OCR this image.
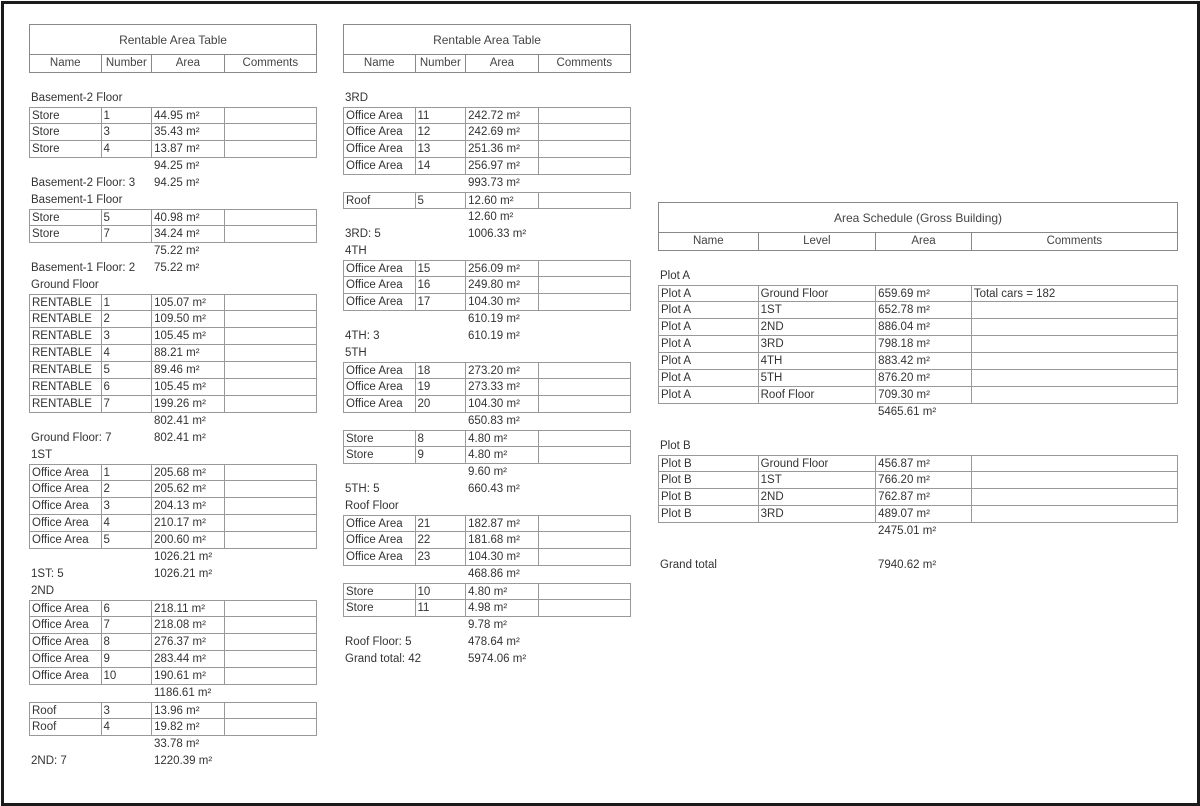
Rentable Area Table
Name	Number	Area	Comments
Basement-2 Floor
Store	1	44.95 m²
Store	3	35.43 m²
Store	4	13.87 m²
94.25 m²
Basement-2 Floor: 3	94.25 m²
Basement-1 Floor
Store	5	40.98 m²
Store	7	34.24 m²
75.22 m²
Basement-1 Floor: 2	75.22 m²
Ground Floor
RENTABLE	1	105.07 m²
RENTABLE	2	109.50 m²
RENTABLE	3	105.45 m²
RENTABLE	4	88.21 m²
RENTABLE	5	89.46 m²
RENTABLE	6	105.45 m²
RENTABLE	7	199.26 m²
802.41 m²
Ground Floor: 7	802.41 m²
1ST
Office Area	1	205.68 m²
Office Area	2	205.62 m²
Office Area	3	204.13 m²
Office Area	4	210.17 m²
Office Area	5	200.60 m²
1026.21 m²
1ST: 5	1026.21 m²
2ND
Office Area	6	218.11 m²
Office Area	7	218.08 m²
Office Area	8	276.37 m²
Office Area	9	283.44 m²
Office Area	10	190.61 m²
1186.61 m²
Roof	3	13.96 m²
Roof	4	19.82 m²
33.78 m²
2ND: 7	1220.39 m²
Rentable Area Table
Name	Number	Area	Comments
3RD
Office Area	11	242.72 m²
Office Area	12	242.69 m²
Office Area	13	251.36 m²
Office Area	14	256.97 m²
993.73 m²
Roof	5	12.60 m²
12.60 m²
3RD: 5	1006.33 m²
4TH
Office Area	15	256.09 m²
Office Area	16	249.80 m²
Office Area	17	104.30 m²
610.19 m²
4TH: 3	610.19 m²
5TH
Office Area	18	273.20 m²
Office Area	19	273.33 m²
Office Area	20	104.30 m²
650.83 m²
Store	8	4.80 m²
Store	9	4.80 m²
9.60 m²
5TH: 5	660.43 m²
Roof Floor
Office Area	21	182.87 m²
Office Area	22	181.68 m²
Office Area	23	104.30 m²
468.86 m²
Store	10	4.80 m²
Store	11	4.98 m²
9.78 m²
Roof Floor: 5	478.64 m²
Grand total: 42	5974.06 m²
Area Schedule (Gross Building)
Name	Level	Area	Comments
Plot A
Plot A	Ground Floor	659.69 m²	Total cars = 182
Plot A	1ST	652.78 m²
Plot A	2ND	886.04 m²
Plot A	3RD	798.18 m²
Plot A	4TH	883.42 m²
Plot A	5TH	876.20 m²
Plot A	Roof Floor	709.30 m²
5465.61 m²
Plot B
Plot B	Ground Floor	456.87 m²
Plot B	1ST	766.20 m²
Plot B	2ND	762.87 m²
Plot B	3RD	489.07 m²
2475.01 m²
Grand total	7940.62 m²
